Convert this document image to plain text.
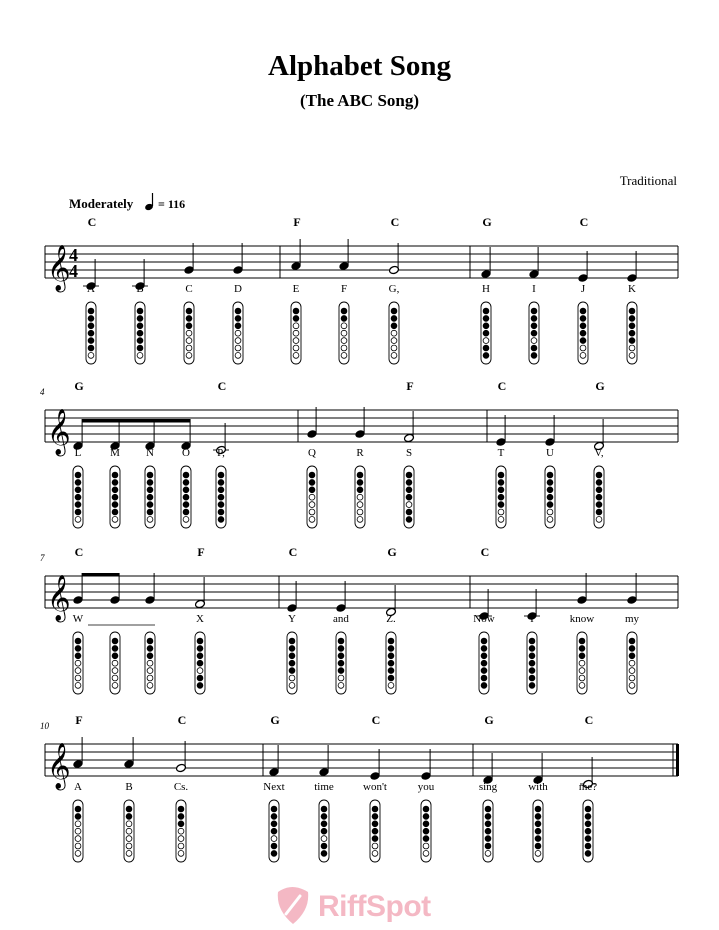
Alphabet Song
(The ABC Song)
Traditional
Moderately = 116
𝄞
4
4
C	F	C	G	C
A	B	C	D	E	F	G,	H	I	J	K
𝄞
4 G	C	F	C	G
L	M N	O P,	Q	R	S	T	U	V,
𝄞
7	C	F	C	G	C
W	X	Y	and	Z.	Now	I	know	my
𝄞
10 F	C	G	C	G	C
A	B	Cs.	Next	time	won't	you	sing	with	me?
RiffSpot
